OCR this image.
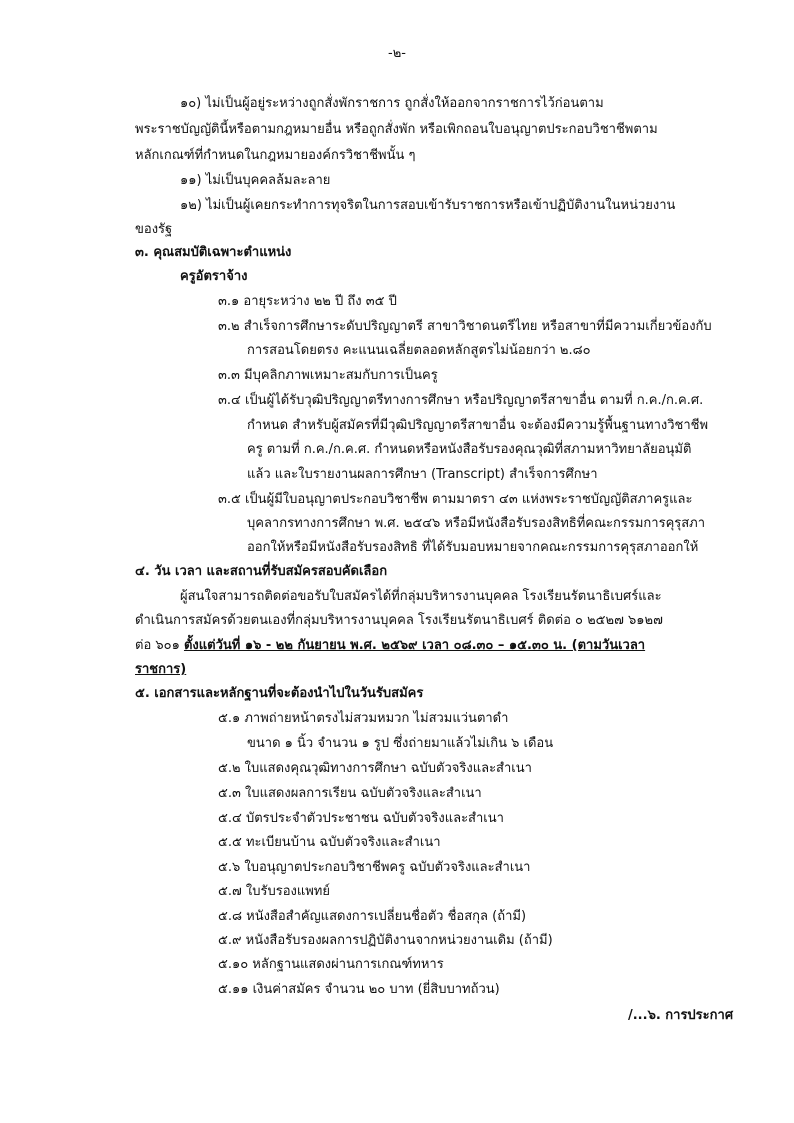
-๒-
๑๐) ไม่เป็นผู้อยู่ระหว่างถูกสั่งพักราชการ ถูกสั่งให้ออกจากราชการไว้ก่อนตาม
พระราชบัญญัตินี้หรือตามกฎหมายอื่น หรือถูกสั่งพัก หรือเพิกถอนใบอนุญาตประกอบวิชาชีพตาม
หลักเกณฑ์ที่กำหนดในกฎหมายองค์กรวิชาชีพนั้น ๆ
๑๑) ไม่เป็นบุคคลล้มละลาย
๑๒) ไม่เป็นผู้เคยกระทำการทุจริตในการสอบเข้ารับราชการหรือเข้าปฏิบัติงานในหน่วยงาน
ของรัฐ
๓. คุณสมบัติเฉพาะตำแหน่ง
ครูอัตราจ้าง
๓.๑ อายุระหว่าง ๒๒ ปี ถึง ๓๕ ปี
๓.๒ สำเร็จการศึกษาระดับปริญญาตรี สาขาวิชาดนตรีไทย หรือสาขาที่มีความเกี่ยวข้องกับ
การสอนโดยตรง คะแนนเฉลี่ยตลอดหลักสูตรไม่น้อยกว่า ๒.๘๐
๓.๓ มีบุคลิกภาพเหมาะสมกับการเป็นครู
๓.๔ เป็นผู้ได้รับวุฒิปริญญาตรีทางการศึกษา หรือปริญญาตรีสาขาอื่น ตามที่ ก.ค./ก.ค.ศ.
กำหนด สำหรับผู้สมัครที่มีวุฒิปริญญาตรีสาขาอื่น จะต้องมีความรู้พื้นฐานทางวิชาชีพ
ครู ตามที่ ก.ค./ก.ค.ศ. กำหนดหรือหนังสือรับรองคุณวุฒิที่สภามหาวิทยาลัยอนุมัติ
แล้ว และใบรายงานผลการศึกษา (Transcript) สำเร็จการศึกษา
๓.๕ เป็นผู้มีใบอนุญาตประกอบวิชาชีพ ตามมาตรา ๔๓ แห่งพระราชบัญญัติสภาครูและ
บุคลากรทางการศึกษา พ.ศ. ๒๕๔๖ หรือมีหนังสือรับรองสิทธิที่คณะกรรมการคุรุสภา
ออกให้หรือมีหนังสือรับรองสิทธิ ที่ได้รับมอบหมายจากคณะกรรมการคุรุสภาออกให้
๔. วัน เวลา และสถานที่รับสมัครสอบคัดเลือก
ผู้สนใจสามารถติดต่อขอรับใบสมัครได้ที่กลุ่มบริหารงานบุคคล โรงเรียนรัตนาธิเบศร์และ
ดำเนินการสมัครด้วยตนเองที่กลุ่มบริหารงานบุคคล โรงเรียนรัตนาธิเบศร์ ติดต่อ ๐ ๒๕๒๗ ๖๑๒๗
ต่อ ๖๐๑ ตั้งแต่วันที่ ๑๖ - ๒๒ กันยายน พ.ศ. ๒๕๖๙ เวลา ๐๘.๓๐ – ๑๕.๓๐ น. (ตามวันเวลา
ราชการ)
๕. เอกสารและหลักฐานที่จะต้องนำไปในวันรับสมัคร
๕.๑ ภาพถ่ายหน้าตรงไม่สวมหมวก ไม่สวมแว่นตาดำ
ขนาด ๑ นิ้ว จำนวน ๑ รูป ซึ่งถ่ายมาแล้วไม่เกิน ๖ เดือน
๕.๒ ใบแสดงคุณวุฒิทางการศึกษา ฉบับตัวจริงและสำเนา
๕.๓ ใบแสดงผลการเรียน ฉบับตัวจริงและสำเนา
๕.๔ บัตรประจำตัวประชาชน ฉบับตัวจริงและสำเนา
๕.๕ ทะเบียนบ้าน ฉบับตัวจริงและสำเนา
๕.๖ ใบอนุญาตประกอบวิชาชีพครู ฉบับตัวจริงและสำเนา
๕.๗ ใบรับรองแพทย์
๕.๘ หนังสือสำคัญแสดงการเปลี่ยนชื่อตัว ชื่อสกุล (ถ้ามี)
๕.๙ หนังสือรับรองผลการปฏิบัติงานจากหน่วยงานเดิม (ถ้ามี)
๕.๑๐ หลักฐานแสดงผ่านการเกณฑ์ทหาร
๕.๑๑ เงินค่าสมัคร จำนวน ๒๐ บาท (ยี่สิบบาทถ้วน)
/...๖. การประกาศ
